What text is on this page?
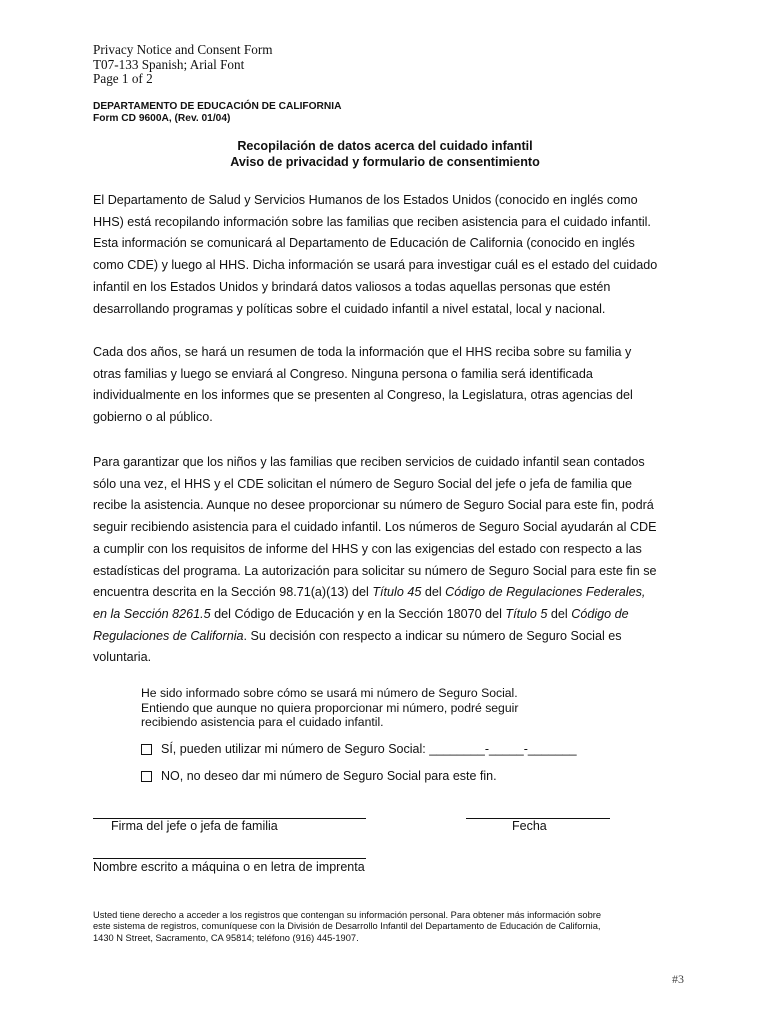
Privacy Notice and Consent Form
T07-133 Spanish; Arial Font
Page 1 of 2
DEPARTAMENTO DE EDUCACIÓN DE CALIFORNIA
Form CD 9600A, (Rev. 01/04)
Recopilación de datos acerca del cuidado infantil
Aviso de privacidad y formulario de consentimiento
El Departamento de Salud y Servicios Humanos de los Estados Unidos (conocido en inglés como
HHS) está recopilando información sobre las familias que reciben asistencia para el cuidado infantil.
Esta información se comunicará al Departamento de Educación de California (conocido en inglés
como CDE) y luego al HHS. Dicha información se usará para investigar cuál es el estado del cuidado
infantil en los Estados Unidos y brindará datos valiosos a todas aquellas personas que estén
desarrollando programas y políticas sobre el cuidado infantil a nivel estatal, local y nacional.
Cada dos años, se hará un resumen de toda la información que el HHS reciba sobre su familia y
otras familias y luego se enviará al Congreso. Ninguna persona o familia será identificada
individualmente en los informes que se presenten al Congreso, la Legislatura, otras agencias del
gobierno o al público.
Para garantizar que los niños y las familias que reciben servicios de cuidado infantil sean contados
sólo una vez, el HHS y el CDE solicitan el número de Seguro Social del jefe o jefa de familia que
recibe la asistencia. Aunque no desee proporcionar su número de Seguro Social para este fin, podrá
seguir recibiendo asistencia para el cuidado infantil. Los números de Seguro Social ayudarán al CDE
a cumplir con los requisitos de informe del HHS y con las exigencias del estado con respecto a las
estadísticas del programa. La autorización para solicitar su número de Seguro Social para este fin se
encuentra descrita en la Sección 98.71(a)(13) del Título 45 del Código de Regulaciones Federales,
en la Sección 8261.5 del Código de Educación y en la Sección 18070 del Título 5 del Código de
Regulaciones de California. Su decisión con respecto a indicar su número de Seguro Social es
voluntaria.
He sido informado sobre cómo se usará mi número de Seguro Social.
Entiendo que aunque no quiera proporcionar mi número, podré seguir
recibiendo asistencia para el cuidado infantil.
SÍ, pueden utilizar mi número de Seguro Social: ________-_____-_______
NO, no deseo dar mi número de Seguro Social para este fin.
Firma del jefe o jefa de familia	Fecha
Nombre escrito a máquina o en letra de imprenta
Usted tiene derecho a acceder a los registros que contengan su información personal. Para obtener más información sobre
este sistema de registros, comuníquese con la División de Desarrollo Infantil del Departamento de Educación de California,
1430 N Street, Sacramento, CA 95814; teléfono (916) 445-1907.
#3
